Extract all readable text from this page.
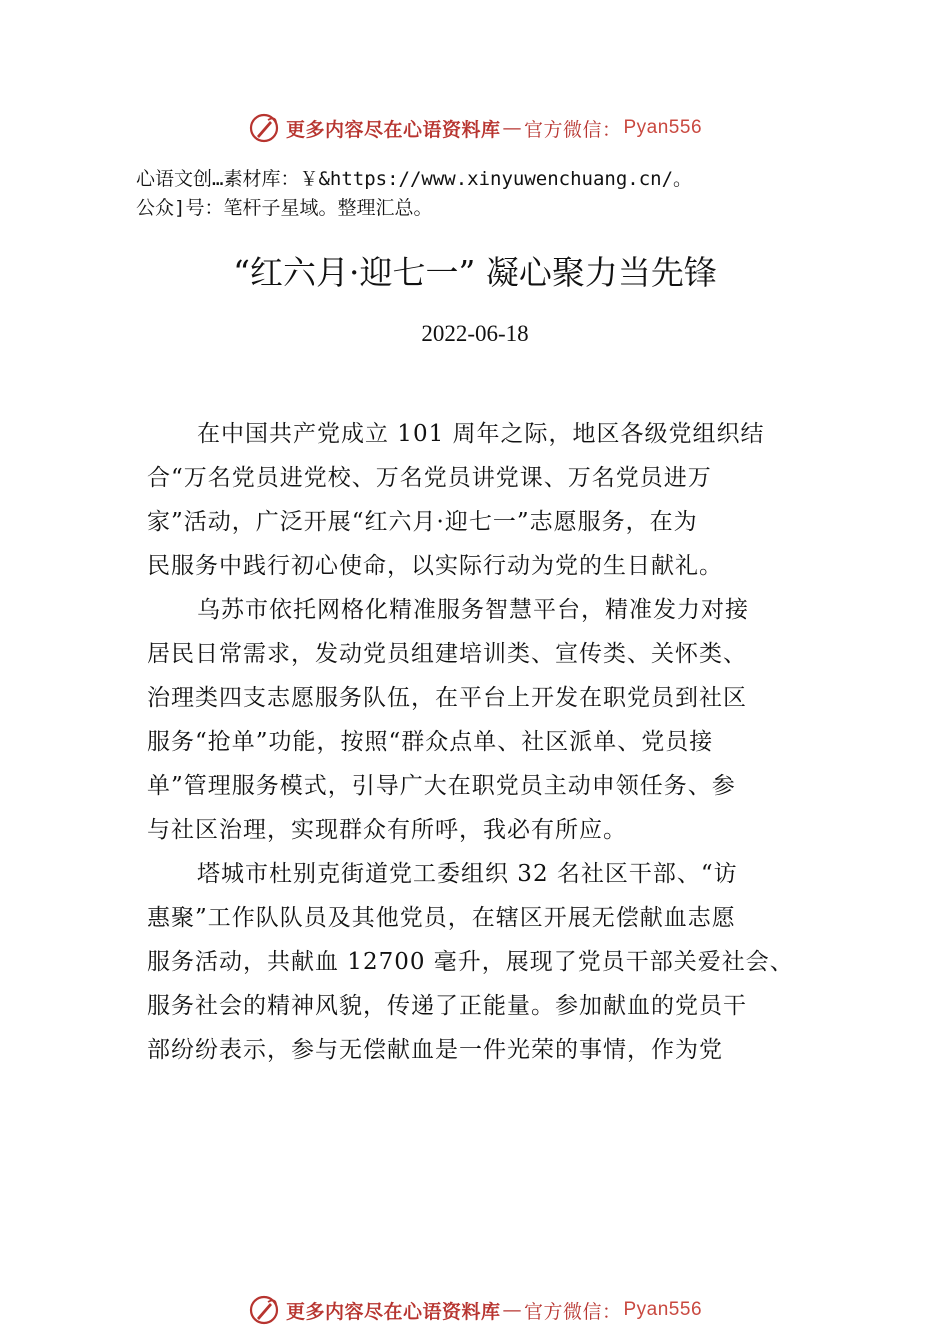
更多内容尽在心语资料库 — 官方微信： Pyan556
心语文创…素材库：￥&https://www.xinyuwenchuang.cn/。
公众]号：笔杆子星域。整理汇总。
“红六月·迎七一” 凝心聚力当先锋
2022-06-18
在中国共产党成立 101 周年之际，地区各级党组织结
合“万名党员进党校、万名党员讲党课、万名党员进万
家”活动，广泛开展“红六月·迎七一”志愿服务，在为
民服务中践行初心使命，以实际行动为党的生日献礼。
乌苏市依托网格化精准服务智慧平台，精准发力对接
居民日常需求，发动党员组建培训类、宣传类、关怀类、
治理类四支志愿服务队伍，在平台上开发在职党员到社区
服务“抢单”功能，按照“群众点单、社区派单、党员接
单”管理服务模式，引导广大在职党员主动申领任务、参
与社区治理，实现群众有所呼，我必有所应。
塔城市杜别克街道党工委组织 32 名社区干部、“访
惠聚”工作队队员及其他党员，在辖区开展无偿献血志愿
服务活动，共献血 12700 毫升，展现了党员干部关爱社会、
服务社会的精神风貌，传递了正能量。参加献血的党员干
部纷纷表示，参与无偿献血是一件光荣的事情，作为党
更多内容尽在心语资料库 — 官方微信： Pyan556
